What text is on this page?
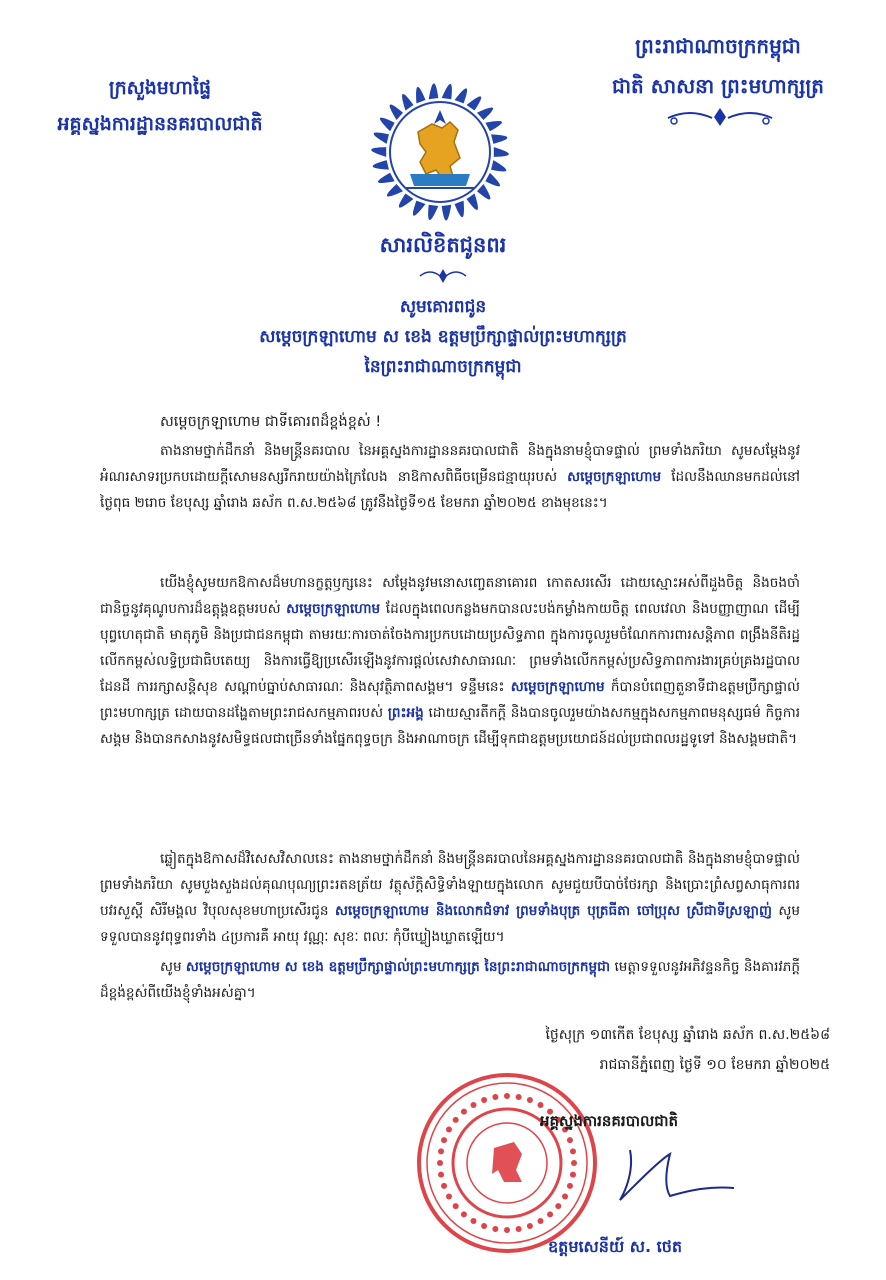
ក្រសួងមហាផ្ទៃ
អគ្គស្នងការដ្ឋាននគរបាលជាតិ
ព្រះរាជាណាចក្រកម្ពុជា
ជាតិ សាសនា ព្រះមហាក្សត្រ
សារលិខិតជូនពរ
សូមគោរពជូន
សម្តេចក្រឡាហោម ស ខេង ឧត្តមប្រឹក្សាផ្ទាល់ព្រះមហាក្សត្រ
នៃព្រះរាជាណាចក្រកម្ពុជា

សម្តេចក្រឡាហោម ជាទីគោរពដ៏ខ្ពង់ខ្ពស់ !

តាងនាមថ្នាក់ដឹកនាំ និងមន្ត្រីនគរបាល នៃអគ្គស្នងការដ្ឋាននគរបាលជាតិ និងក្នុងនាមខ្ញុំបាទផ្ទាល់ ព្រមទាំងភរិយា សូមសម្តែងនូវអំណរសាទរប្រកបដោយក្តីសោមនស្សរីករាយយ៉ាងក្រៃលែង នាឱកាសពិធីចម្រើនជន្មាយុរបស់ សម្តេចក្រឡាហោម ដែលនឹងឈានមកដល់នៅថ្ងៃពុធ ២រោច ខែបុស្ស ឆ្នាំរោង ឆស័ក ព.ស.២៥៦៨ ត្រូវនឹងថ្ងៃទី១៥ ខែមករា ឆ្នាំ២០២៥ ខាងមុខនេះ។

យើងខ្ញុំសូមយកឱកាសដ៏មហានក្ខត្តឫក្សនេះ សម្តែងនូវមនោសញ្ចេតនាគោរព កោតសរសើរ ដោយស្មោះអស់ពីដួងចិត្ត និងចងចាំជានិច្ចនូវគុណូបការដ៏ឧត្តុង្គឧត្តមរបស់ សម្តេចក្រឡាហោម ដែលក្នុងពេលកន្លងមកបានលះបង់កម្លាំងកាយចិត្ត ពេលវេលា និងបញ្ញាញាណ ដើម្បីបុព្វហេតុជាតិ មាតុភូមិ និងប្រជាជនកម្ពុជា តាមរយៈការចាត់ចែងការប្រកបដោយប្រសិទ្ធភាព ក្នុងការចូលរួមចំណែកការពារសន្តិភាព ពង្រឹងនីតិរដ្ឋ លើកកម្ពស់លទ្ធិប្រជាធិបតេយ្យ និងការធ្វើឱ្យប្រសើរឡើងនូវការផ្តល់សេវាសាធារណៈ ព្រមទាំងលើកកម្ពស់ប្រសិទ្ធភាពការងារគ្រប់គ្រងរដ្ឋបាលដែនដី ការរក្សាសន្តិសុខ សណ្តាប់ធ្នាប់សាធារណៈ និងសុវត្ថិភាពសង្គម។ ទន្ទឹមនេះ សម្តេចក្រឡាហោម ក៏បានបំពេញតួនាទីជាឧត្តមប្រឹក្សាផ្ទាល់ព្រះមហាក្សត្រ ដោយបានដង្ហែតាមព្រះរាជសកម្មភាពរបស់ ព្រះអង្គ ដោយស្មារតីកក្តី និងបានចូលរួមយ៉ាងសកម្មក្នុងសកម្មភាពមនុស្សធម៌ កិច្ចការសង្គម និងបានកសាងនូវសមិទ្ធផលជាច្រើនទាំងផ្នែកពុទ្ធចក្រ និងអាណាចក្រ ដើម្បីទុកជាឧត្តមប្រយោជន៍ដល់ប្រជាពលរដ្ឋទូទៅ និងសង្គមជាតិ។

ឆ្លៀតក្នុងឱកាសដ៏វិសេសវិសាលនេះ តាងនាមថ្នាក់ដឹកនាំ និងមន្ត្រីនគរបាលនៃអគ្គស្នងការដ្ឋាននគរបាលជាតិ និងក្នុងនាមខ្ញុំបាទផ្ទាល់ ព្រមទាំងភរិយា សូមបួងសួងដល់គុណបុណ្យព្រះរតនត្រ័យ វត្ថុស័ក្តិសិទ្ធិទាំងឡាយក្នុងលោក សូមជួយបីបាច់ថែរក្សា និងប្រោះព្រំសព្វសាធុការពរ បវរសួស្តី សិរីមង្គល វិបុលសុខមហាប្រសើរជូន សម្តេចក្រឡាហោម និងលោកជំទាវ ព្រមទាំងបុត្រ បុត្រធីតា ចៅប្រុស ស្រីជាទីស្រឡាញ់ សូមទទួលបាននូវពុទ្ធពរទាំង ៤ប្រការគឺ អាយុ វណ្ណៈ សុខៈ ពលៈ កុំបីឃ្លៀងឃ្លាតឡើយ។

សូម សម្តេចក្រឡាហោម ស ខេង ឧត្តមប្រឹក្សាផ្ទាល់ព្រះមហាក្សត្រ នៃព្រះរាជាណាចក្រកម្ពុជា មេត្តាទទួលនូវអភិវន្ទនកិច្ច និងគារវភក្តីដ៏ខ្ពង់ខ្ពស់ពីយើងខ្ញុំទាំងអស់គ្នា។

ថ្ងៃសុក្រ ១៣កើត ខែបុស្ស ឆ្នាំរោង ឆស័ក ព.ស.២៥៦៨
រាជធានីភ្នំពេញ ថ្ងៃទី ១០ ខែមករា ឆ្នាំ២០២៥
អគ្គស្នងការនគរបាលជាតិ
ឧត្តមសេនីយ៍ ស. ថេត
